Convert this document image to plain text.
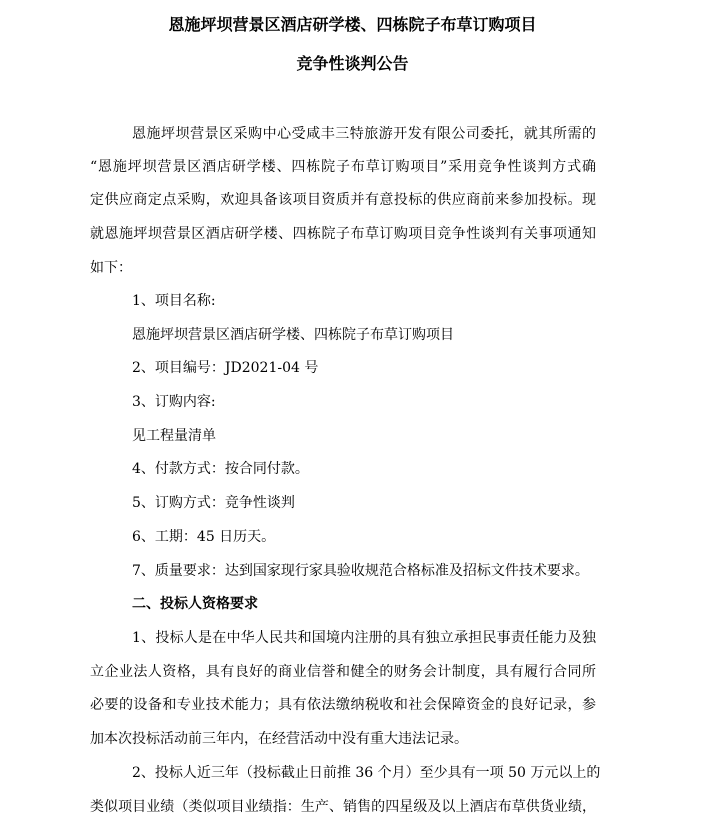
恩施坪坝营景区酒店研学楼、四栋院子布草订购项目
竞争性谈判公告
恩施坪坝营景区采购中心受咸丰三特旅游开发有限公司委托，就其所需的
“恩施坪坝营景区酒店研学楼、四栋院子布草订购项目”采用竞争性谈判方式确
定供应商定点采购，欢迎具备该项目资质并有意投标的供应商前来参加投标。现
就恩施坪坝营景区酒店研学楼、四栋院子布草订购项目竞争性谈判有关事项通知
如下：
1、项目名称:
恩施坪坝营景区酒店研学楼、四栋院子布草订购项目
2、项目编号：JD2021-04 号
3、订购内容:
见工程量清单
4、付款方式：按合同付款。
5、订购方式：竞争性谈判
6、工期：45 日历天。
7、质量要求：达到国家现行家具验收规范合格标准及招标文件技术要求。
二、投标人资格要求
1、投标人是在中华人民共和国境内注册的具有独立承担民事责任能力及独
立企业法人资格，具有良好的商业信誉和健全的财务会计制度，具有履行合同所
必要的设备和专业技术能力；具有依法缴纳税收和社会保障资金的良好记录，参
加本次投标活动前三年内，在经营活动中没有重大违法记录。
2、投标人近三年（投标截止日前推 36 个月）至少具有一项 50 万元以上的
类似项目业绩（类似项目业绩指：生产、销售的四星级及以上酒店布草供货业绩，
